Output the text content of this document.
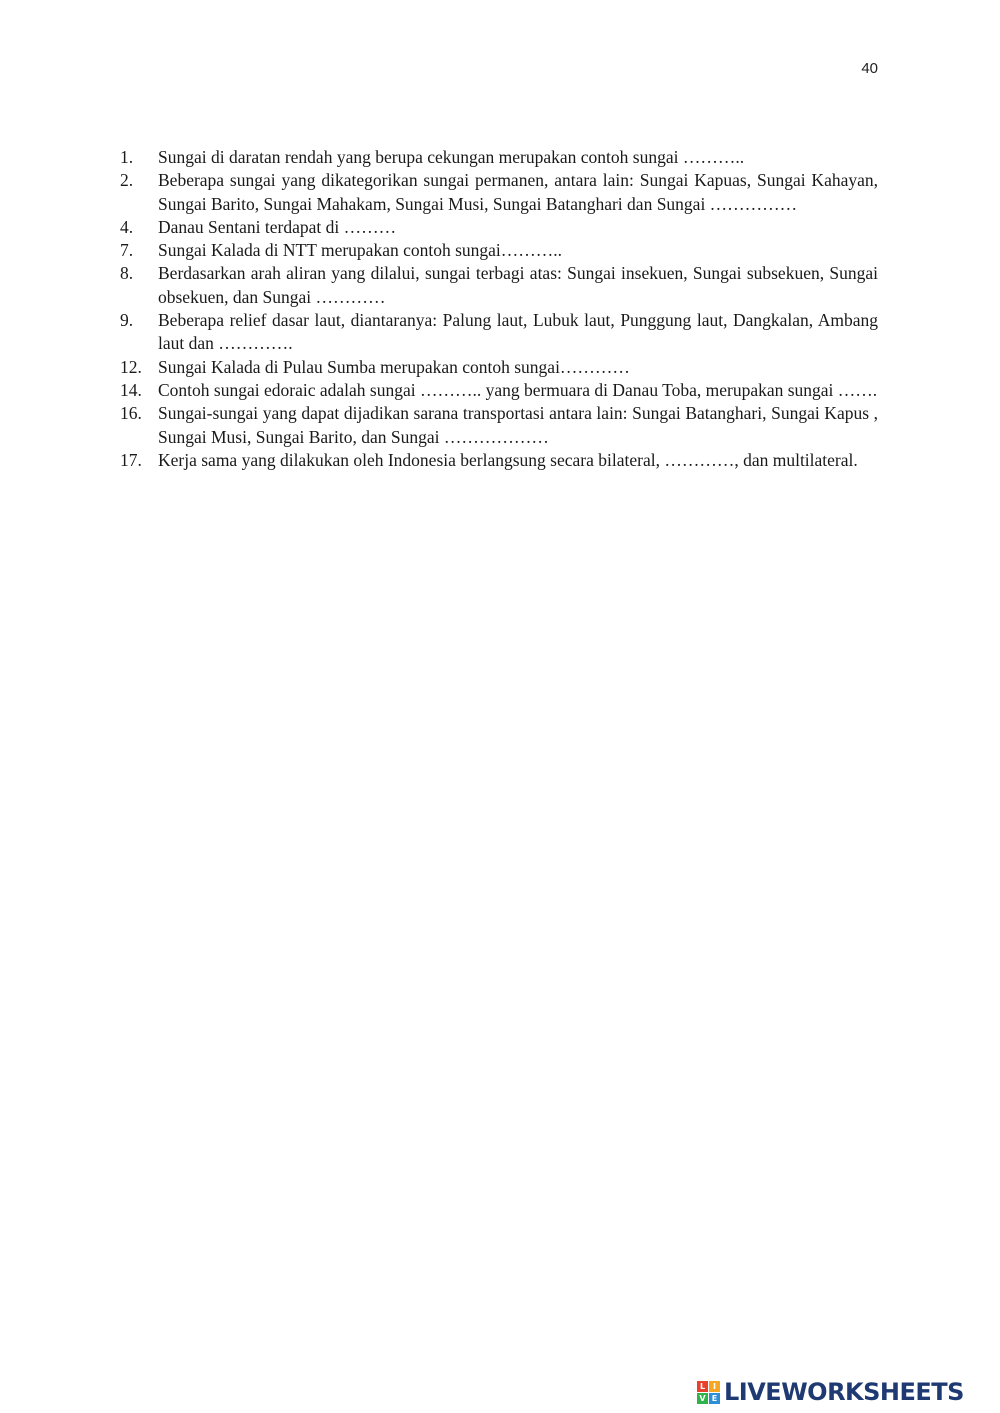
40
1.	Sungai di daratan rendah yang berupa cekungan merupakan contoh sungai ………..
2.	Beberapa sungai yang dikategorikan sungai permanen, antara lain: Sungai Kapuas, Sungai Kahayan, Sungai Barito, Sungai Mahakam, Sungai Musi, Sungai Batanghari dan Sungai ……………
4.	Danau Sentani terdapat di ………
7.	Sungai Kalada di NTT merupakan contoh sungai………..
8.	Berdasarkan arah aliran yang dilalui, sungai terbagi atas: Sungai insekuen, Sungai subsekuen, Sungai obsekuen, dan Sungai …………
9.	Beberapa relief dasar laut, diantaranya: Palung laut, Lubuk laut, Punggung laut, Dangkalan, Ambang laut dan ………….
12. Sungai Kalada di Pulau Sumba merupakan contoh sungai…………
14. Contoh sungai edoraic adalah sungai ……….. yang bermuara di Danau Toba, merupakan sungai …….
16. Sungai-sungai yang dapat dijadikan sarana transportasi antara lain: Sungai Batanghari, Sungai Kapus , Sungai Musi, Sungai Barito, dan Sungai ………………
17. Kerja sama yang dilakukan oleh Indonesia berlangsung secara bilateral, …………, dan multilateral.
L I
V E LIVEWORKSHEETS
